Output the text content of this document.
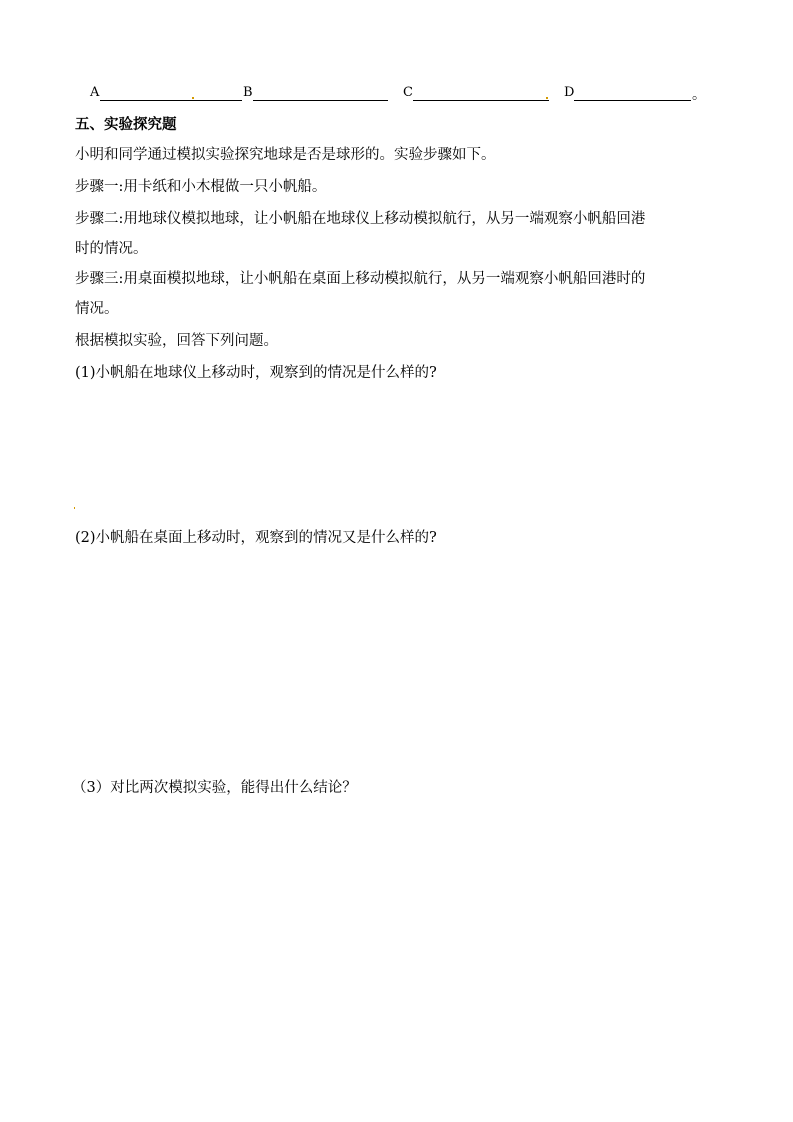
A	B	C	D	。
五、实验探究题
小明和同学通过模拟实验探究地球是否是球形的。实验步骤如下。
步骤一:用卡纸和小木棍做一只小帆船。
步骤二:用地球仪模拟地球，让小帆船在地球仪上移动模拟航行，从另一端观察小帆船回港
时的情况。
步骤三:用桌面模拟地球，让小帆船在桌面上移动模拟航行，从另一端观察小帆船回港时的
情况。
根据模拟实验，回答下列问题。
(1)小帆船在地球仪上移动时，观察到的情况是什么样的?
(2)小帆船在桌面上移动时，观察到的情况又是什么样的?
（3）对比两次模拟实验，能得出什么结论？
